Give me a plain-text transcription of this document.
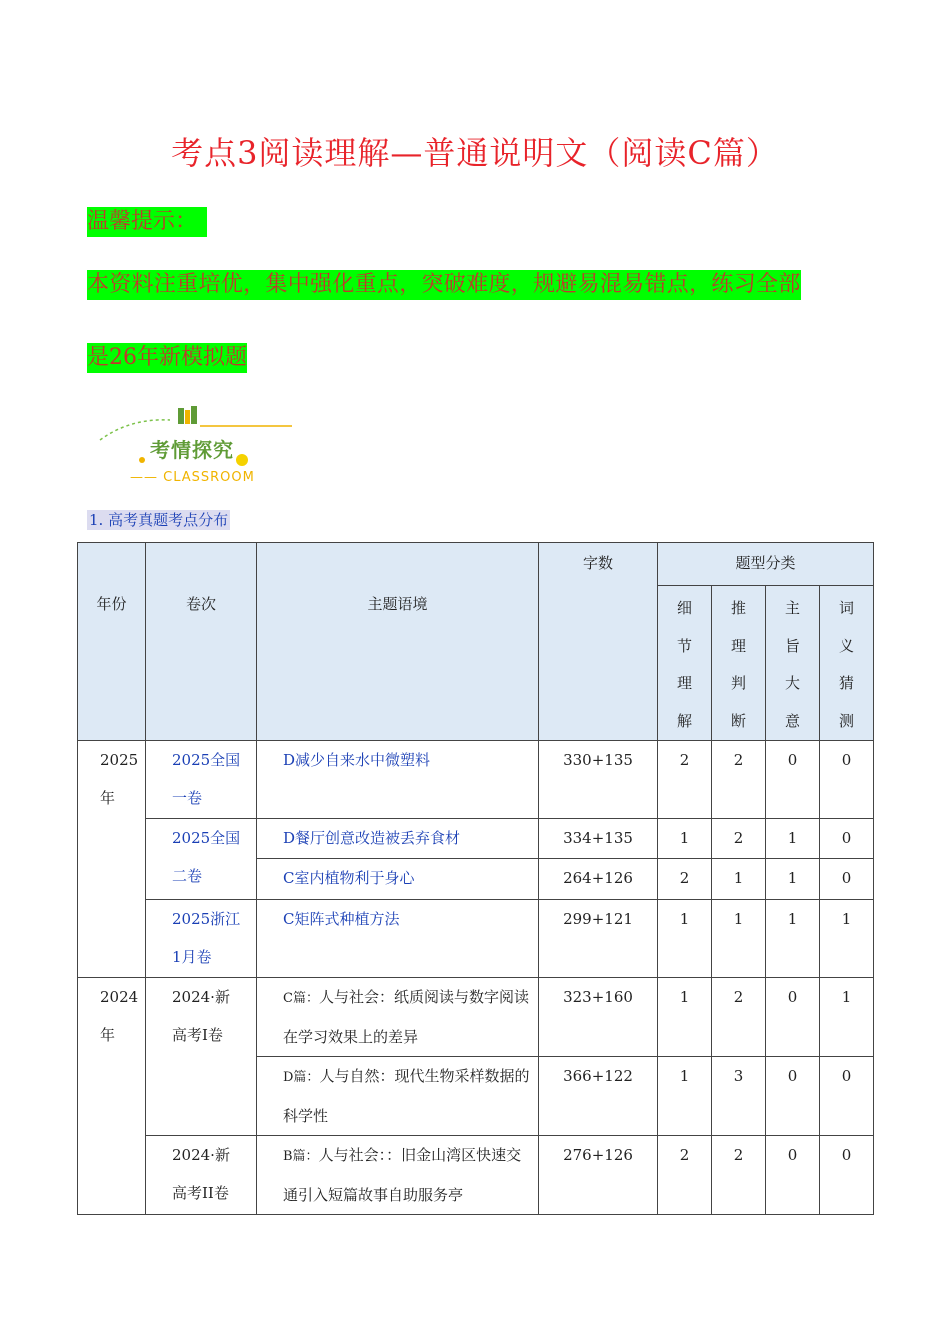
考点3阅读理解—普通说明文（阅读C篇）
温馨提示：
本资料注重培优，集中强化重点，突破难度，规避易混易错点，练习全部
是26年新模拟题
考情探究
—— CLASSROOM
1. 高考真题考点分布
年份	卷次	主题语境	字数	题型分类			

				细
节
理
解	推
理
判
断	主
旨
大
意	词
义
猜
测

2025年	2025全国一卷	D减少自来水中微塑料	330+135	2	2	0	0
	2025全国二卷	D餐厅创意改造被丢弃食材	334+135	1	2	1	0
		C室内植物利于身心	264+126	2	1	1	0
	2025浙江1月卷	C矩阵式种植方法	299+121	1	1	1	1
2024年	2024·新高考I卷	C篇：人与社会：纸质阅读与数字阅读在学习效果上的差异	323+160	1	2	0	1
		D篇：人与自然：现代生物采样数据的科学性	366+122	1	3	0	0
	2024·新高考II卷	B篇：人与社会：：旧金山湾区快速交通引入短篇故事自助服务亭	276+126	2	2	0	0
